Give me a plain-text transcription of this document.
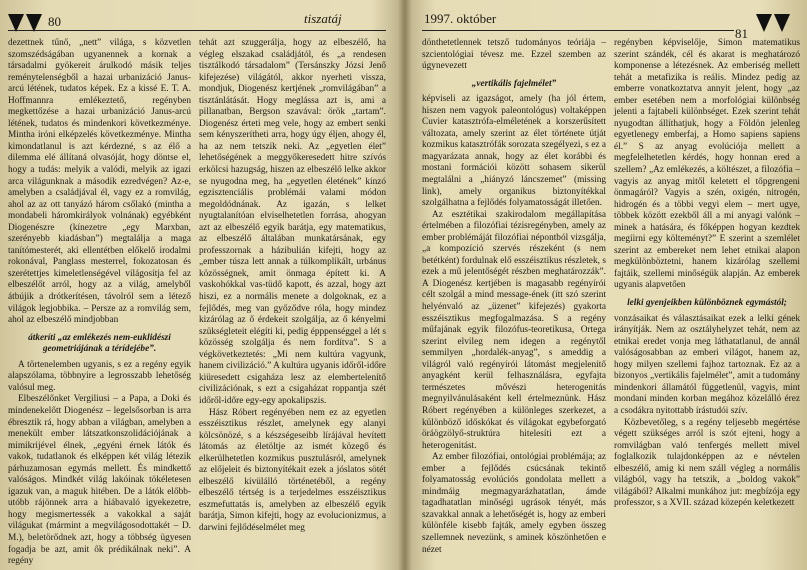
80	tiszatáj

dezettnek tűnő, „nett” világa, s közvetlen szomszédságában ugyanennek a kornak a társadalmi gyökereit árulkodó másik teljes reménytelenségből a hazai urbanizáció Janus-arcú létének, tudatos képek. Ez a kissé E. T. A. Hoffmannra emlékeztető, regényben megkettőzése a hazai urbanizáció Janus-arcú létének, tudatos és mindenkori következménye. Mintha iróni elképzelés következménye. Mintha kimondatlanul is azt kérdezné, s az élő a dilemma elé állítaná olvasóját, hogy döntse el, hogy a tudás: melyik a valódi, melyik az igazi arca világunknak a második ezredvégen? Az-e, amelyben a családjával él, vagy ez a romvilág, ahol az az ott tanyázó három csőlakó (mintha a mondabeli háromkirályok volnának) egyébként Diogenészre (kínezetre „egy Marxban, szerényebb kiadásban”) megtalálja a maga tanítómesterét, aki ellentétben előkelő irodalmi rokonával, Panglass mesterrel, fokozatosan és szerétettjes kimeletlenségével világosítja fel az elbeszélőt arról, hogy az a világ, amelyből átbújik a drótkerítésen, távolról sem a létező világok legjobbika. – Persze az a romvilág sem, ahol az elbeszélő mindjobban

átkeríti „az emlékezés nem-euklidészi geometriájának a térídejébe”.

A törtenelemben ugyanis, s ez a regény egyik alapszólama, többnyire a legrosszabb lehetőség valósul meg.

Elbeszélőnket Vergiliusi – a Papa, a Doki és mindenekelőtt Diogenész – legelsősorban is arra ébresztik rá, hogy abban a világban, amelyben a menekült ember látszatkonszolidációjának a mimikrijével élnek, „egyéni érnek látók és vakok, tudatlanok és elképpen két világ létezik párhuzamosan egymás mellett. És mindkettő valóságos. Mindkét világ lakóinak tökéletesen igazuk van, a maguk hitében. De a látók előbb-utóbb rájönnek arra a hiábavaló igyekezetre, hogy megismertessék a vakokkal a saját világukat (mármint a megvilágosodottakét – D. M.), beletörődnek azt, hogy a többség ügyesen fogadja be azt, amit ők prédikálnak neki”. A regény

tehát azt szuggerálja, hogy az elbeszélő, ha végleg elszakad családjától, és „a rendesen tisztálkodó társadalom” (Tersánszky Józsi Jenő kifejezése) világától, akkor nyerheti vissza, mondjuk, Diogenész kertjének „romvilágában” a tisztánlátását. Hogy meglássa azt is, ami a pillanatban, Bergson szavával: örök „tartam”. Diogenész érteti meg vele, hogy az embert senki sem kényszerítheti arra, hogy úgy éljen, ahogy él, ha az nem tetszik neki. Az „egyetlen élet” lehetőségének a meggyőkeresedett hitre szívós erkölcsi hazugság, hiszen az elbeszélő lelke akkor se nyugodna meg, ha „egyetlen életének” kínzó egzisztenciális problémái valami módon megoldódnának. Az igazán, s lelket nyugtalanítóan elviselhetetlen forrása, ahogyan azt az elbeszélő egyik barátja, egy matematikus, az elbeszélő általában munkatársának, egy professzornak a házibulián kifejti, hogy az „ember túsza lett annak a túlkomplikált, urbánus közösségnek, amit önmaga épített ki. A vaskohókkal vas-tüdő kapott, és azzal, hogy azt hiszi, ez a normális menete a dolgoknak, ez a fejlődés, meg van győződve róla, hogy mindez kizárólag az ő érdekeit szolgálja, az ő kényelmi szükségleteit elégíti ki, pedig épppenséggel a lét s közösség szolgálja és nem fordítva”. S a végkövetkeztetés: „Mi nem kultúra vagyunk, hanem civilizáció.” A kultúra ugyanis időről-időre kiüresedett csigaháza lesz az elembertelenítő civilizációnak, s ezt a csigaházat roppantja szét időről-időre egy-egy apokalipszis.

Hász Róbert regényében nem ez az egyetlen esszéisztikus részlet, amelynek egy alanyi kölcsönözé, s a készségeseibb lírájával hevített látomás az életöltje az ismét közegő és elkerülhetetlen kozmikus pusztulásról, amelynek az előjeleit és biztonyítékait ezek a jóslatos sötét elbeszélő kívülálló történetéből, a regény elbeszélő tértség is a terjedelmes esszéisztikus eszmefuttatás is, amelyben az elbeszélő egyik barátja, Simon kifejti, hogy az evolucionizmus, a darwini fejlődéselmélet meg

1997. október
81

dönthetetlennek tetsző tudományos teóriája – szcientológiai tévesz me. Ezzel szemben az úgynevezett

„vertikális fajelmélet”

képviseli az igazságot, amely (ha jól értem, hiszen nem vagyok paleontológus) voltaképpen Cuvier katasztrófa-elméletének a korszerűsített változata, amely szerint az élet története útját kozmikus katasztrófák sorozata szegélyezi, s ez a magyarázata annak, hogy az élet korábbi és mostani formációi között sohasem sikerül megtalálni a „hiányzó láncszemet” (missing link), amely organikus biztonyítékkal szolgálhatna a fejlődés folyamatosságát illetően.

Az esztétikai szakirodalom megállapítása értelmében a filozófiai tézisregényben, amely az ember problémáját filozófiai népontból vizsgálja, „a kompozíció szervés részeként (s nem betétként) fordulnak elő esszéisztikus részletek, s ezek a mű jelentőségét részben meghatározzák”. A Diogenész kertjében is magasabb regényírói célt szolgál a mind message-ének (ítt szó szerint helyénvaló az „üzenet” kifejezés) gyakorta esszéisztikus megfogalmazása. S a regény műfajának egyik filozófus-teoretikusa, Ortega szerint elvileg nem idegen a regénytől semmilyen „hordalék-anyag”, s ameddig a világról való regényírói látomást megjelenítő anyagként kerül felhasználásra, egyfajta természetes mővészi heterogenitás megnyilvánulásaként kell értelmeznünk. Hász Róbert regényében a különleges szerkezet, a különböző időskókat és világokat egybeforgató öráögzölyő-struktúra hitelesíti ezt a heterogenitást.

Az ember filozófiai, ontológiai problémája; az ember a fejlődés csúcsának tekintő folyamatosság evolúciós gondolata mellett a mindmáig megmagyarázhatatlan, ámde tagadhatatlan minőségi ugrások tényét, más szavakkal annak a lehetőségét is, hogy az emberi különféle kisebb fajták, amely egyben összeg szellemnek nevezünk, s aminek köszönhetően e nézet

regényben képviselője, Simon matematikus szerint szándék, cél és akarat is meghatározó komponense a létezésnek. Az emberiség mellett tehát a metafizika is reális. Mindez pedig az emberre vonatkoztatva annyit jelent, hogy „az ember esetében nem a morfológiai különbség jelenti a fajtabeli különbséget. Ezek szerint tehát nyugodtan állíthatjuk, hogy a Földön jelenleg egyetlenegy emberfaj, a Homo sapiens sapiens él.” S az anyag evolúciója mellett a megfelelhetetlen kérdés, hogy honnan ered a szellem? „Az emlékezés, a költészet, a filozófia – vagyis az anyag mitől keletett el tőpgrengeni önmagáról? Vagyis a szén, oxigén, nitrogén, hidrogén és a többi vegyi elem – mert ugye, többek között ezekből áll a mi anyagi valónk – minek a hatására, és főképpen hogyan kezdtek megíirni egy költeményt?” E szerint a szemlélet szerint az embereket nem lehet etnikai alapon megkülönböztetni, hanem kizárólag szellemi fajtáik, szellemi minőségük alapján. Az emberek ugyanis alapvetően

lelki gyenjeikben különböznek egymástól;

vonzásaikat és választásaikat ezek a lelki gének irányítják. Nem az osztályhelyzet tehát, nem az etnikai eredet vonja meg láthatatlanul, de annál valóságosabban az emberi világot, hanem az, hogy milyen szellemi fajhoz tartoznak. Ez az a bizonyos „vertikális fajelmélet”, amit a tudomány mindenkori államától függetlenül, vagyis, mint mondani minden korban megához közelálló érez a csodákra nyitottabb írástudói szív.

Közbevetőleg, s a regény teljesebb megértése végett szükséges arról is szót ejteni, hogy a romvilágban való tenfergés mellett mivel foglalkozik tulajdonképpen az e névtelen elbeszélő, amig ki nem száll végleg a normális világból, vagy ha tetszik, a „boldog vakok” világából? Alkalmi munkához jut: megbízója egy professzor, s a XVII. század közepén keletkezett
